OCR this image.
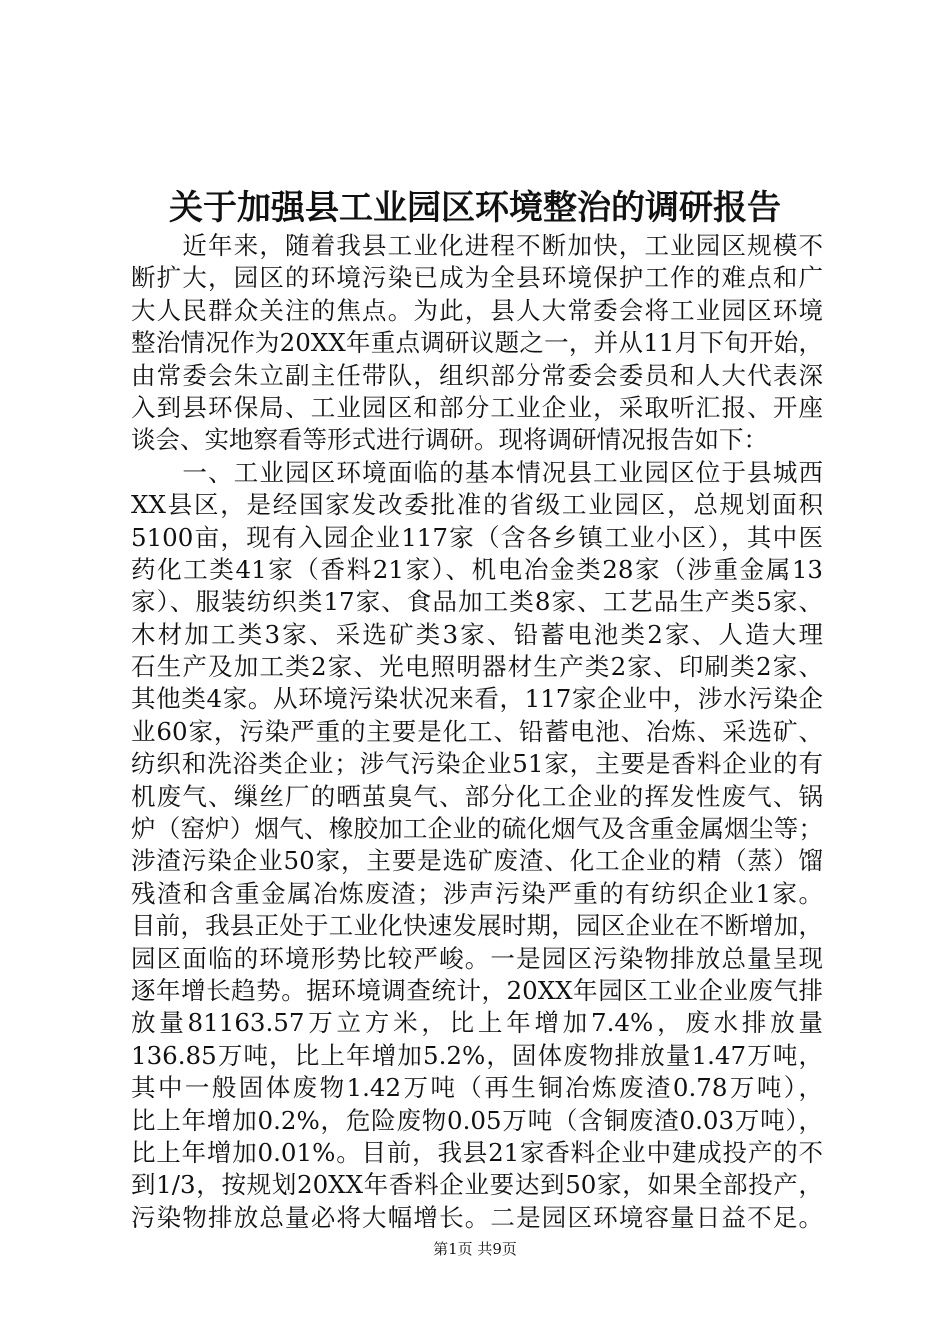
关于加强县工业园区环境整治的调研报告
　　近年来，随着我县工业化进程不断加快，工业园区规模不
断扩大，园区的环境污染已成为全县环境保护工作的难点和广
大人民群众关注的焦点。为此，县人大常委会将工业园区环境
整治情况作为20XX年重点调研议题之一，并从11月下旬开始，
由常委会朱立副主任带队，组织部分常委会委员和人大代表深
入到县环保局、工业园区和部分工业企业，采取听汇报、开座
谈会、实地察看等形式进行调研。现将调研情况报告如下：
　　一、工业园区环境面临的基本情况县工业园区位于县城西
XX县区，是经国家发改委批准的省级工业园区，总规划面积
5100亩，现有入园企业117家（含各乡镇工业小区），其中医
药化工类41家（香料21家）、机电冶金类28家（涉重金属13
家）、服装纺织类17家、食品加工类8家、工艺品生产类5家、
木材加工类3家、采选矿类3家、铅蓄电池类2家、人造大理
石生产及加工类2家、光电照明器材生产类2家、印刷类2家、
其他类4家。从环境污染状况来看，117家企业中，涉水污染企
业60家，污染严重的主要是化工、铅蓄电池、冶炼、采选矿、
纺织和洗浴类企业；涉气污染企业51家，主要是香料企业的有
机废气、缫丝厂的晒茧臭气、部分化工企业的挥发性废气、锅
炉（窑炉）烟气、橡胶加工企业的硫化烟气及含重金属烟尘等；
涉渣污染企业50家，主要是选矿废渣、化工企业的精（蒸）馏
残渣和含重金属冶炼废渣；涉声污染严重的有纺织企业1家。
目前，我县正处于工业化快速发展时期，园区企业在不断增加，
园区面临的环境形势比较严峻。一是园区污染物排放总量呈现
逐年增长趋势。据环境调查统计，20XX年园区工业企业废气排
放量81163.57万立方米，比上年增加7.4%，废水排放量
136.85万吨，比上年增加5.2%，固体废物排放量1.47万吨，
其中一般固体废物1.42万吨（再生铜冶炼废渣0.78万吨），
比上年增加0.2%，危险废物0.05万吨（含铜废渣0.03万吨），
比上年增加0.01%。目前，我县21家香料企业中建成投产的不
到1/3，按规划20XX年香料企业要达到50家，如果全部投产，
污染物排放总量必将大幅增长。二是园区环境容量日益不足。
第1页 共9页
